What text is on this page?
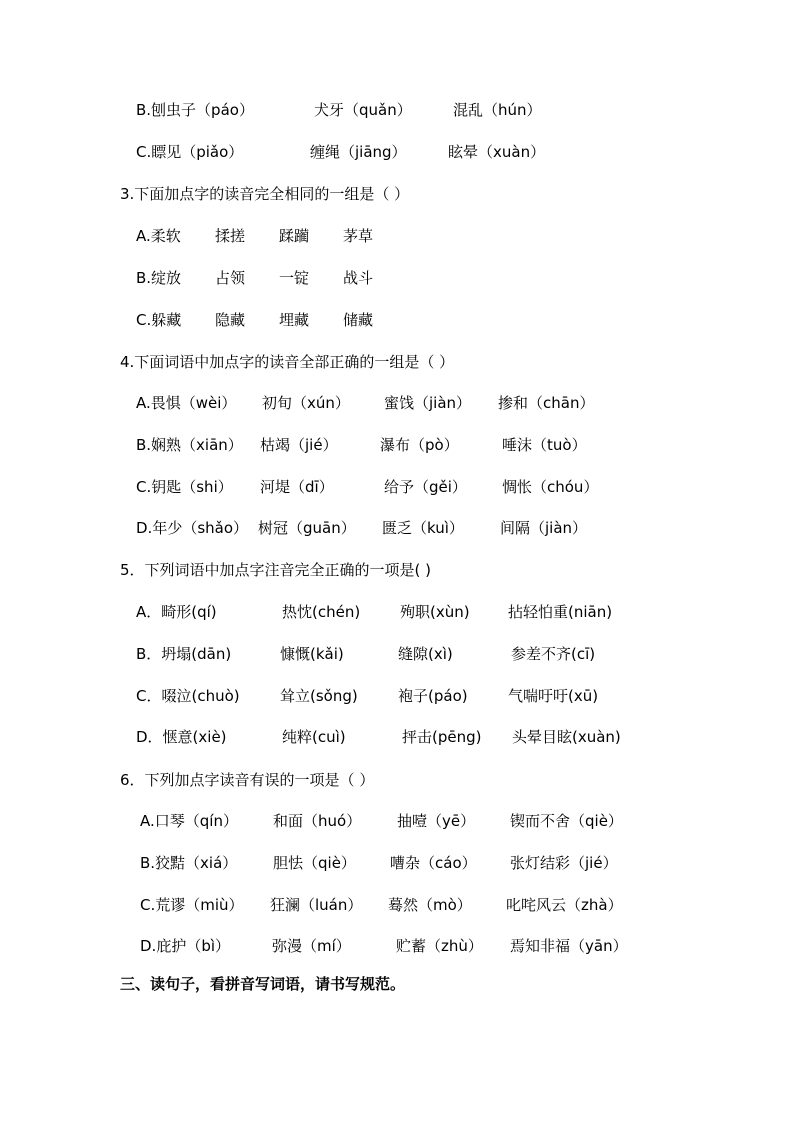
B.刨虫子（páo）	犬牙（quǎn）	混乱（hún）
C.瞟见（piǎo）	缠绳（jiāng）	眩晕（xuàn）
3.下面加点字的读音完全相同的一组是（ ）
A.柔软 揉搓 蹂躏 茅草
B.绽放 占领 一锭 战斗
C.躲藏 隐藏 埋藏 储藏
4.下面词语中加点字的读音全部正确的一组是（ ）
A.畏惧（wèi） 初旬（xún） 蜜饯（jiàn） 掺和（chān）
B.娴熟（xiān） 枯竭（jié）	瀑布（pò）	唾沫（tuò）
C.钥匙（shi） 河堤（dī）	给予（gěi） 惆怅（chóu）
D.年少（shǎo） 树冠（guān） 匮乏（kuì） 间隔（jiàn）
5．下列词语中加点字注音完全正确的一项是( )
A．畸形(qí)	热忱(chén)	殉职(xùn)	拈轻怕重(niān)
B．坍塌(dān)	慷慨(kǎi)	缝隙(xì)	参差不齐(cī)
C．啜泣(chuò)	耸立(sǒng)	袍子(páo)	气喘吁吁(xū)
D．惬意(xiè)	纯粹(cuì)	抨击(pēng) 头晕目眩(xuàn)
6．下列加点字读音有误的一项是（ ）
A.口琴（qín） 和面（huó） 抽噎（yē） 锲而不舍（qiè）
B.狡黠（xiá） 胆怯（qiè） 嘈杂（cáo） 张灯结彩（jié）
C.荒谬（miù） 狂澜（luán） 蓦然（mò） 叱咤风云（zhà）
D.庇护（bì）	弥漫（mí）	贮蓄（zhù） 焉知非福（yān）
三、读句子，看拼音写词语，请书写规范。
